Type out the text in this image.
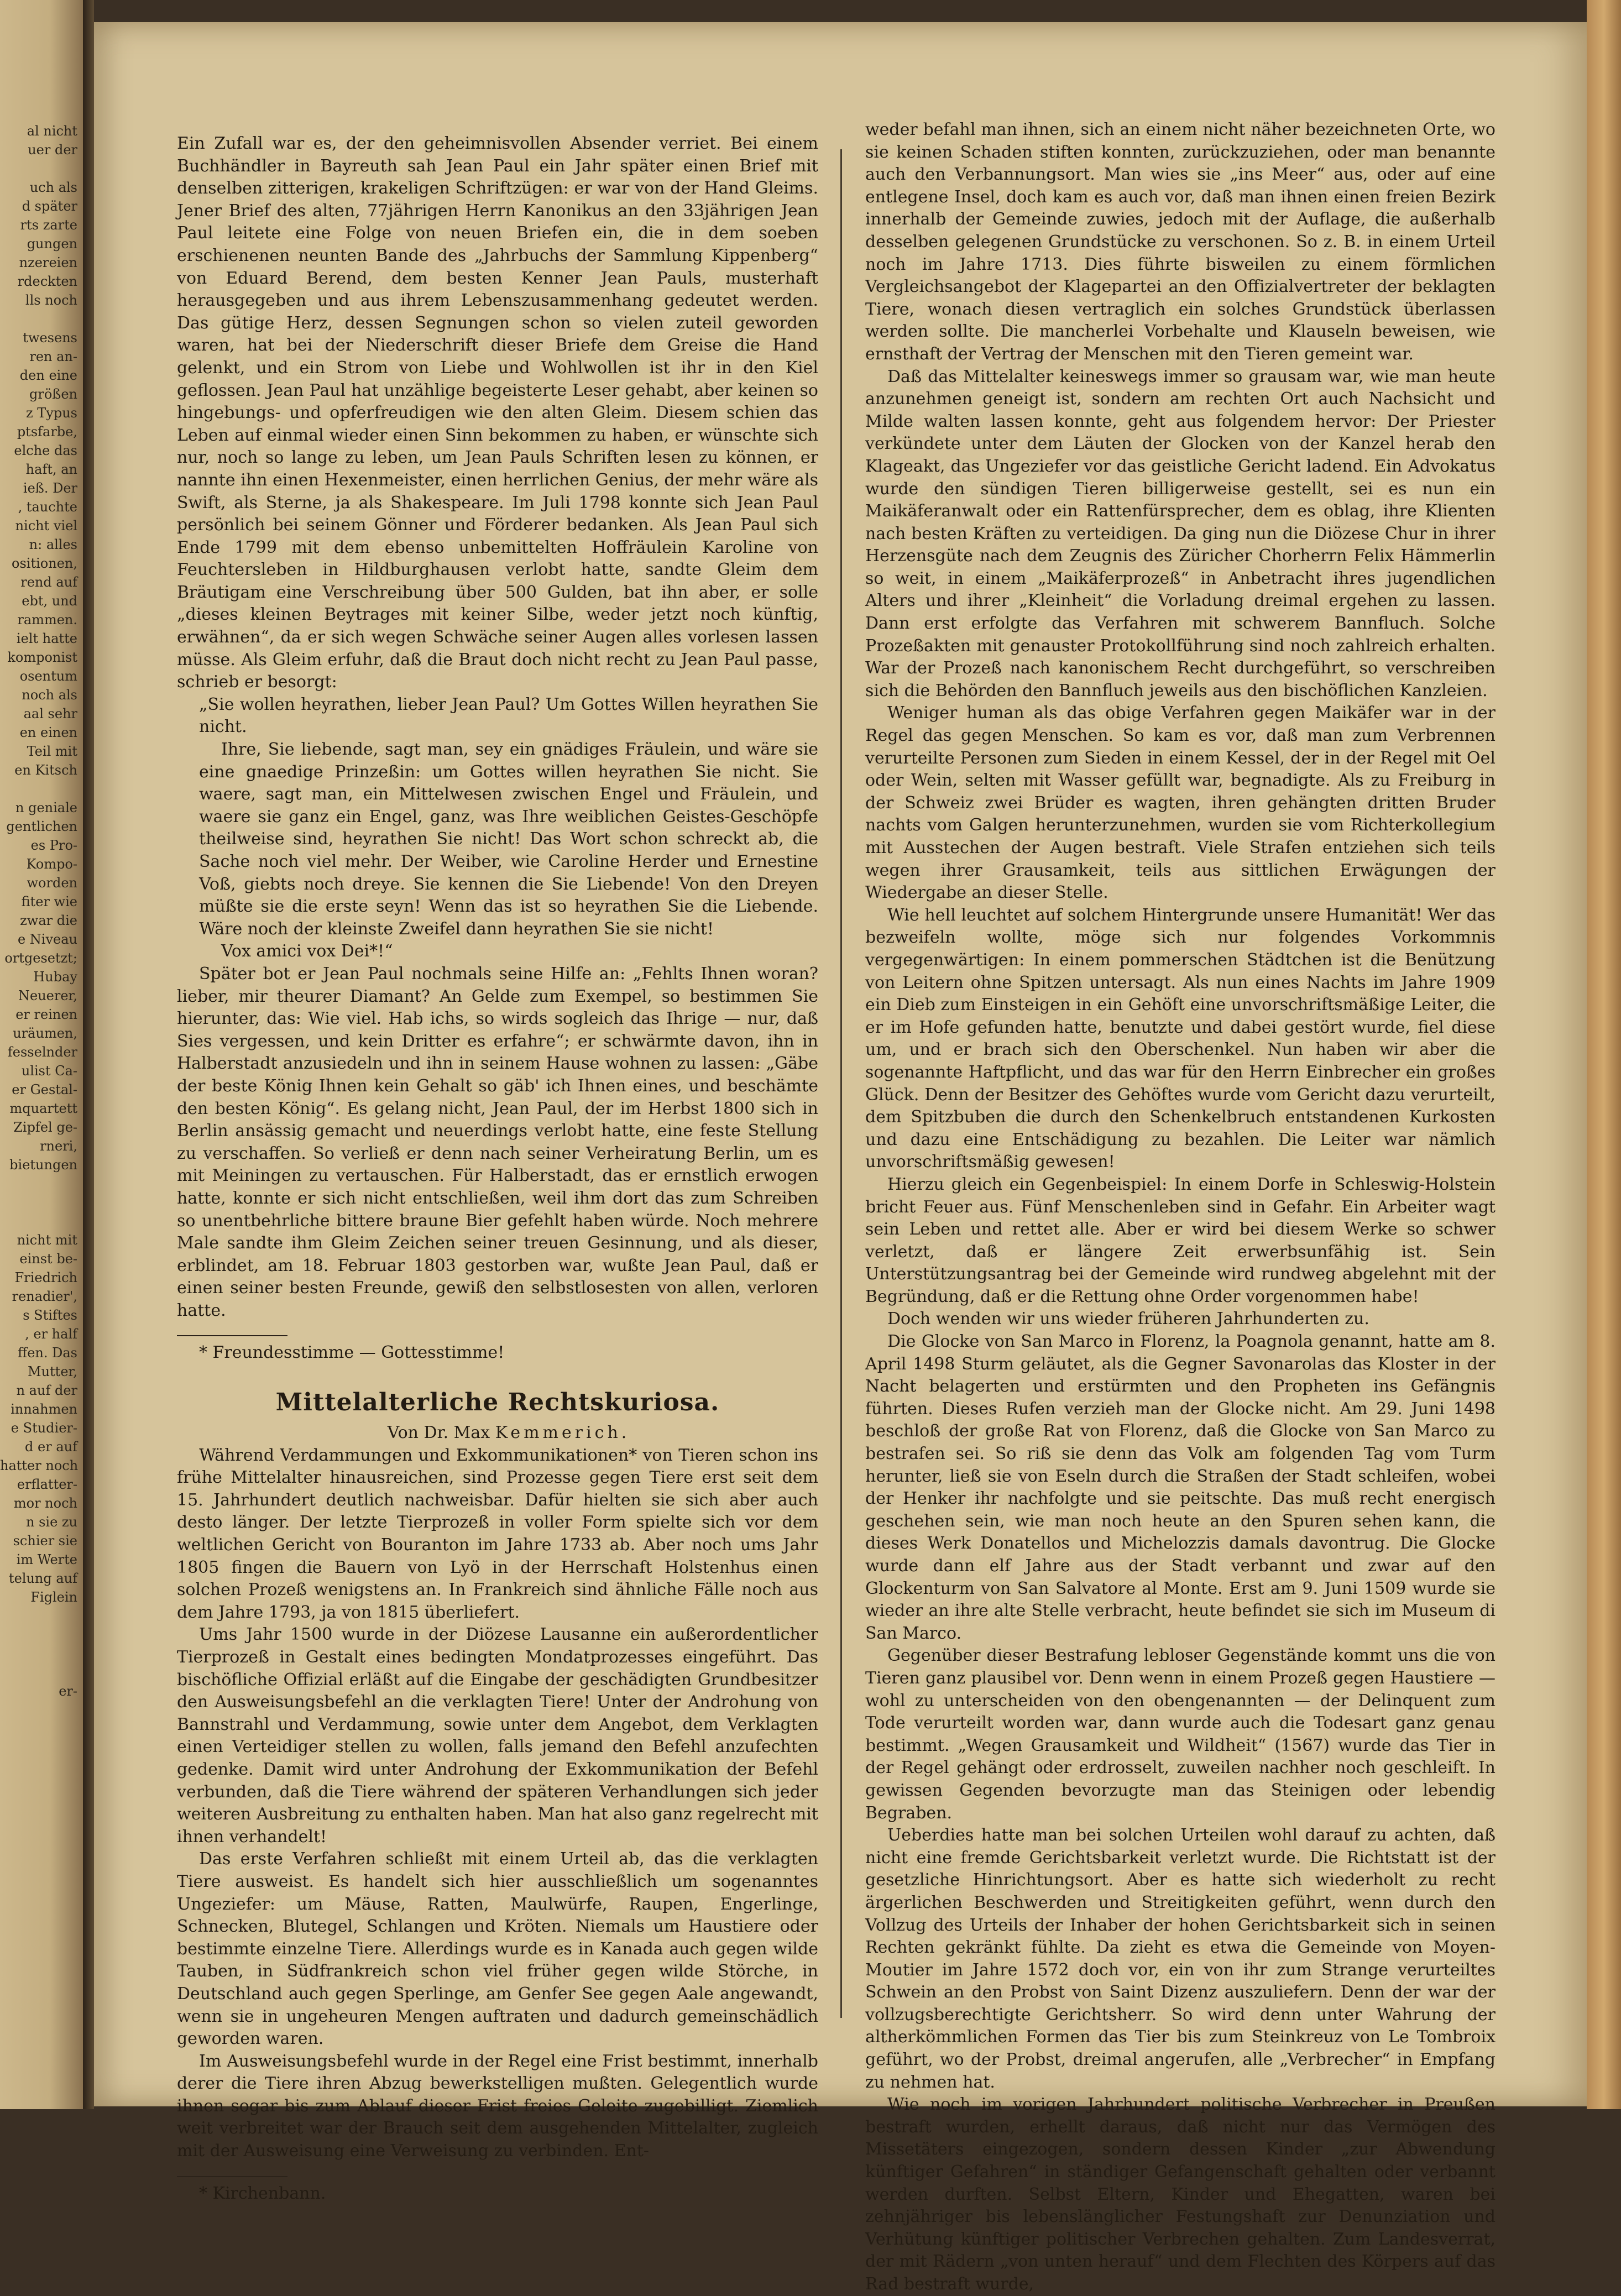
al nicht

uer der

uch als

d später

rts zarte

gungen

nzereien

rdeckten

lls noch

twesens

ren an-

den eine

größen

z Typus

ptsfarbe,

elche das

haft, an

ieß. Der

, tauchte

nicht viel

n: alles

ositionen,

rend auf

ebt, und

rammen.

ielt hatte

komponist

osentum

noch als

aal sehr

en einen

Teil mit

en Kitsch

n geniale

gentlichen

es Pro-

Kompo-

worden

fiter wie

zwar die

e Niveau

ortgesetzt;

Hubay

Neuerer,

er reinen

uräumen,

fesselnder

ulist Ca-

er Gestal-

mquartett

Zipfel ge-

rneri,

bietungen

nicht mit

einst be-

Friedrich

renadier',

s Stiftes

, er half

ffen. Das

Mutter,

n auf der

innahmen

e Studier-

d er auf

hatter noch

erflatter-

mor noch

n sie zu

schier sie

im Werte

telung auf

Figlein

er-

Ein Zufall war es, der den geheimnisvollen Absender verriet. Bei einem Buchhändler in Bayreuth sah Jean Paul ein Jahr später einen Brief mit denselben zitterigen, krakeligen Schriftzügen: er war von der Hand Gleims. Jener Brief des alten, 77jährigen Herrn Kanonikus an den 33jährigen Jean Paul leitete eine Folge von neuen Briefen ein, die in dem soeben erschienenen neunten Bande des „Jahrbuchs der Sammlung Kippenberg“ von Eduard Berend, dem besten Kenner Jean Pauls, musterhaft herausgegeben und aus ihrem Lebenszusammenhang gedeutet werden. Das gütige Herz, dessen Segnungen schon so vielen zuteil geworden waren, hat bei der Niederschrift dieser Briefe dem Greise die Hand gelenkt, und ein Strom von Liebe und Wohlwollen ist ihr in den Kiel geflossen. Jean Paul hat unzählige begeisterte Leser gehabt, aber keinen so hingebungs- und opferfreudigen wie den alten Gleim. Diesem schien das Leben auf einmal wieder einen Sinn bekommen zu haben, er wünschte sich nur, noch so lange zu leben, um Jean Pauls Schriften lesen zu können, er nannte ihn einen Hexenmeister, einen herrlichen Genius, der mehr wäre als Swift, als Sterne, ja als Shakespeare. Im Juli 1798 konnte sich Jean Paul persönlich bei seinem Gönner und Förderer bedanken. Als Jean Paul sich Ende 1799 mit dem ebenso unbemittelten Hoffräulein Karoline von Feuchtersleben in Hildburghausen verlobt hatte, sandte Gleim dem Bräutigam eine Verschreibung über 500 Gulden, bat ihn aber, er solle „dieses kleinen Beytrages mit keiner Silbe, weder jetzt noch künftig, erwähnen“, da er sich wegen Schwäche seiner Augen alles vorlesen lassen müsse. Als Gleim erfuhr, daß die Braut doch nicht recht zu Jean Paul passe, schrieb er besorgt:

„Sie wollen heyrathen, lieber Jean Paul? Um Gottes Willen heyrathen Sie nicht.

Ihre, Sie liebende, sagt man, sey ein gnädiges Fräulein, und wäre sie eine gnaedige Prinzeßin: um Gottes willen heyrathen Sie nicht. Sie waere, sagt man, ein Mittelwesen zwischen Engel und Fräulein, und waere sie ganz ein Engel, ganz, was Ihre weiblichen Geistes-Geschöpfe theilweise sind, heyrathen Sie nicht! Das Wort schon schreckt ab, die Sache noch viel mehr. Der Weiber, wie Caroline Herder und Ernestine Voß, giebts noch dreye. Sie kennen die Sie Liebende! Von den Dreyen müßte sie die erste seyn! Wenn das ist so heyrathen Sie die Liebende. Wäre noch der kleinste Zweifel dann heyrathen Sie sie nicht!

Vox amici vox Dei*!“

Später bot er Jean Paul nochmals seine Hilfe an: „Fehlts Ihnen woran? lieber, mir theurer Diamant? An Gelde zum Exempel, so bestimmen Sie hierunter, das: Wie viel. Hab ichs, so wirds sogleich das Ihrige — nur, daß Sies vergessen, und kein Dritter es erfahre“; er schwärmte davon, ihn in Halberstadt anzusiedeln und ihn in seinem Hause wohnen zu lassen: „Gäbe der beste König Ihnen kein Gehalt so gäb' ich Ihnen eines, und beschämte den besten König“. Es gelang nicht, Jean Paul, der im Herbst 1800 sich in Berlin ansässig gemacht und neuerdings verlobt hatte, eine feste Stellung zu verschaffen. So verließ er denn nach seiner Verheiratung Berlin, um es mit Meiningen zu vertauschen. Für Halberstadt, das er ernstlich erwogen hatte, konnte er sich nicht entschließen, weil ihm dort das zum Schreiben so unentbehrliche bittere braune Bier gefehlt haben würde. Noch mehrere Male sandte ihm Gleim Zeichen seiner treuen Gesinnung, und als dieser, erblindet, am 18. Februar 1803 gestorben war, wußte Jean Paul, daß er einen seiner besten Freunde, gewiß den selbstlosesten von allen, verloren hatte.

* Freundesstimme — Gottesstimme!

Mittelalterliche Rechtskuriosa.

Von Dr. Max Kemmerich.

Während Verdammungen und Exkommunikationen* von Tieren schon ins frühe Mittelalter hinausreichen, sind Prozesse gegen Tiere erst seit dem 15. Jahrhundert deutlich nachweisbar. Dafür hielten sie sich aber auch desto länger. Der letzte Tierprozeß in voller Form spielte sich vor dem weltlichen Gericht von Bouranton im Jahre 1733 ab. Aber noch ums Jahr 1805 fingen die Bauern von Lyö in der Herrschaft Holstenhus einen solchen Prozeß wenigstens an. In Frankreich sind ähnliche Fälle noch aus dem Jahre 1793, ja von 1815 überliefert.

Ums Jahr 1500 wurde in der Diözese Lausanne ein außerordentlicher Tierprozeß in Gestalt eines bedingten Mondatprozesses eingeführt. Das bischöfliche Offizial erläßt auf die Eingabe der geschädigten Grundbesitzer den Ausweisungsbefehl an die verklagten Tiere! Unter der Androhung von Bannstrahl und Verdammung, sowie unter dem Angebot, dem Verklagten einen Verteidiger stellen zu wollen, falls jemand den Befehl anzufechten gedenke. Damit wird unter Androhung der Exkommunikation der Befehl verbunden, daß die Tiere während der späteren Verhandlungen sich jeder weiteren Ausbreitung zu enthalten haben. Man hat also ganz regelrecht mit ihnen verhandelt!

Das erste Verfahren schließt mit einem Urteil ab, das die verklagten Tiere ausweist. Es handelt sich hier ausschließlich um sogenanntes Ungeziefer: um Mäuse, Ratten, Maulwürfe, Raupen, Engerlinge, Schnecken, Blutegel, Schlangen und Kröten. Niemals um Haustiere oder bestimmte einzelne Tiere. Allerdings wurde es in Kanada auch gegen wilde Tauben, in Südfrankreich schon viel früher gegen wilde Störche, in Deutschland auch gegen Sperlinge, am Genfer See gegen Aale angewandt, wenn sie in ungeheuren Mengen auftraten und dadurch gemeinschädlich geworden waren.

Im Ausweisungsbefehl wurde in der Regel eine Frist bestimmt, innerhalb derer die Tiere ihren Abzug bewerkstelligen mußten. Gelegentlich wurde ihnen sogar bis zum Ablauf dieser Frist freies Geleite zugebilligt. Ziemlich weit verbreitet war der Brauch seit dem ausgehenden Mittelalter, zugleich mit der Ausweisung eine Verweisung zu verbinden. Ent-

* Kirchenbann.

weder befahl man ihnen, sich an einem nicht näher bezeichneten Orte, wo sie keinen Schaden stiften konnten, zurückzuziehen, oder man benannte auch den Verbannungsort. Man wies sie „ins Meer“ aus, oder auf eine entlegene Insel, doch kam es auch vor, daß man ihnen einen freien Bezirk innerhalb der Gemeinde zuwies, jedoch mit der Auflage, die außerhalb desselben gelegenen Grundstücke zu verschonen. So z. B. in einem Urteil noch im Jahre 1713. Dies führte bisweilen zu einem förmlichen Vergleichsangebot der Klagepartei an den Offizialvertreter der beklagten Tiere, wonach diesen vertraglich ein solches Grundstück überlassen werden sollte. Die mancherlei Vorbehalte und Klauseln beweisen, wie ernsthaft der Vertrag der Menschen mit den Tieren gemeint war.

Daß das Mittelalter keineswegs immer so grausam war, wie man heute anzunehmen geneigt ist, sondern am rechten Ort auch Nachsicht und Milde walten lassen konnte, geht aus folgendem hervor: Der Priester verkündete unter dem Läuten der Glocken von der Kanzel herab den Klageakt, das Ungeziefer vor das geistliche Gericht ladend. Ein Advokatus wurde den sündigen Tieren billigerweise gestellt, sei es nun ein Maikäferanwalt oder ein Rattenfürsprecher, dem es oblag, ihre Klienten nach besten Kräften zu verteidigen. Da ging nun die Diözese Chur in ihrer Herzensgüte nach dem Zeugnis des Züricher Chorherrn Felix Hämmerlin so weit, in einem „Maikäferprozeß“ in Anbetracht ihres jugendlichen Alters und ihrer „Kleinheit“ die Vorladung dreimal ergehen zu lassen. Dann erst erfolgte das Verfahren mit schwerem Bannfluch. Solche Prozeßakten mit genauster Protokollführung sind noch zahlreich erhalten. War der Prozeß nach kanonischem Recht durchgeführt, so verschreiben sich die Behörden den Bannfluch jeweils aus den bischöflichen Kanzleien.

Weniger human als das obige Verfahren gegen Maikäfer war in der Regel das gegen Menschen. So kam es vor, daß man zum Verbrennen verurteilte Personen zum Sieden in einem Kessel, der in der Regel mit Oel oder Wein, selten mit Wasser gefüllt war, begnadigte. Als zu Freiburg in der Schweiz zwei Brüder es wagten, ihren gehängten dritten Bruder nachts vom Galgen herunterzunehmen, wurden sie vom Richterkollegium mit Ausstechen der Augen bestraft. Viele Strafen entziehen sich teils wegen ihrer Grausamkeit, teils aus sittlichen Erwägungen der Wiedergabe an dieser Stelle.

Wie hell leuchtet auf solchem Hintergrunde unsere Humanität! Wer das bezweifeln wollte, möge sich nur folgendes Vorkommnis vergegenwärtigen: In einem pommerschen Städtchen ist die Benützung von Leitern ohne Spitzen untersagt. Als nun eines Nachts im Jahre 1909 ein Dieb zum Einsteigen in ein Gehöft eine unvorschriftsmäßige Leiter, die er im Hofe gefunden hatte, benutzte und dabei gestört wurde, fiel diese um, und er brach sich den Oberschenkel. Nun haben wir aber die sogenannte Haftpflicht, und das war für den Herrn Einbrecher ein großes Glück. Denn der Besitzer des Gehöftes wurde vom Gericht dazu verurteilt, dem Spitzbuben die durch den Schenkelbruch entstandenen Kurkosten und dazu eine Entschädigung zu bezahlen. Die Leiter war nämlich unvorschriftsmäßig gewesen!

Hierzu gleich ein Gegenbeispiel: In einem Dorfe in Schleswig-Holstein bricht Feuer aus. Fünf Menschenleben sind in Gefahr. Ein Arbeiter wagt sein Leben und rettet alle. Aber er wird bei diesem Werke so schwer verletzt, daß er längere Zeit erwerbsunfähig ist. Sein Unterstützungsantrag bei der Gemeinde wird rundweg abgelehnt mit der Begründung, daß er die Rettung ohne Order vorgenommen habe!

Doch wenden wir uns wieder früheren Jahrhunderten zu.

Die Glocke von San Marco in Florenz, la Poagnola genannt, hatte am 8. April 1498 Sturm geläutet, als die Gegner Savonarolas das Kloster in der Nacht belagerten und erstürmten und den Propheten ins Gefängnis führten. Dieses Rufen verzieh man der Glocke nicht. Am 29. Juni 1498 beschloß der große Rat von Florenz, daß die Glocke von San Marco zu bestrafen sei. So riß sie denn das Volk am folgenden Tag vom Turm herunter, ließ sie von Eseln durch die Straßen der Stadt schleifen, wobei der Henker ihr nachfolgte und sie peitschte. Das muß recht energisch geschehen sein, wie man noch heute an den Spuren sehen kann, die dieses Werk Donatellos und Michelozzis damals davontrug. Die Glocke wurde dann elf Jahre aus der Stadt verbannt und zwar auf den Glockenturm von San Salvatore al Monte. Erst am 9. Juni 1509 wurde sie wieder an ihre alte Stelle verbracht, heute befindet sie sich im Museum di San Marco.

Gegenüber dieser Bestrafung lebloser Gegenstände kommt uns die von Tieren ganz plausibel vor. Denn wenn in einem Prozeß gegen Haustiere — wohl zu unterscheiden von den obengenannten — der Delinquent zum Tode verurteilt worden war, dann wurde auch die Todesart ganz genau bestimmt. „Wegen Grausamkeit und Wildheit“ (1567) wurde das Tier in der Regel gehängt oder erdrosselt, zuweilen nachher noch geschleift. In gewissen Gegenden bevorzugte man das Steinigen oder lebendig Begraben.

Ueberdies hatte man bei solchen Urteilen wohl darauf zu achten, daß nicht eine fremde Gerichtsbarkeit verletzt wurde. Die Richtstatt ist der gesetzliche Hinrichtungsort. Aber es hatte sich wiederholt zu recht ärgerlichen Beschwerden und Streitigkeiten geführt, wenn durch den Vollzug des Urteils der Inhaber der hohen Gerichtsbarkeit sich in seinen Rechten gekränkt fühlte. Da zieht es etwa die Gemeinde von Moyen-Moutier im Jahre 1572 doch vor, ein von ihr zum Strange verurteiltes Schwein an den Probst von Saint Dizenz auszuliefern. Denn der war der vollzugsberechtigte Gerichtsherr. So wird denn unter Wahrung der altherkömmlichen Formen das Tier bis zum Steinkreuz von Le Tombroix geführt, wo der Probst, dreimal angerufen, alle „Verbrecher“ in Empfang zu nehmen hat.

Wie noch im vorigen Jahrhundert politische Verbrecher in Preußen bestraft wurden, erhellt daraus, daß nicht nur das Vermögen des Missetäters eingezogen, sondern dessen Kinder „zur Abwendung künftiger Gefahren“ in ständiger Gefangenschaft gehalten oder verbannt werden durften. Selbst Eltern, Kinder und Ehegatten, waren bei zehnjähriger bis lebenslänglicher Festungshaft zur Denunziation und Verhütung künftiger politischer Verbrechen gehalten. Zum Landesverrat, der mit Rädern „von unten herauf“ und dem Flechten des Körpers auf das Rad bestraft wurde,
